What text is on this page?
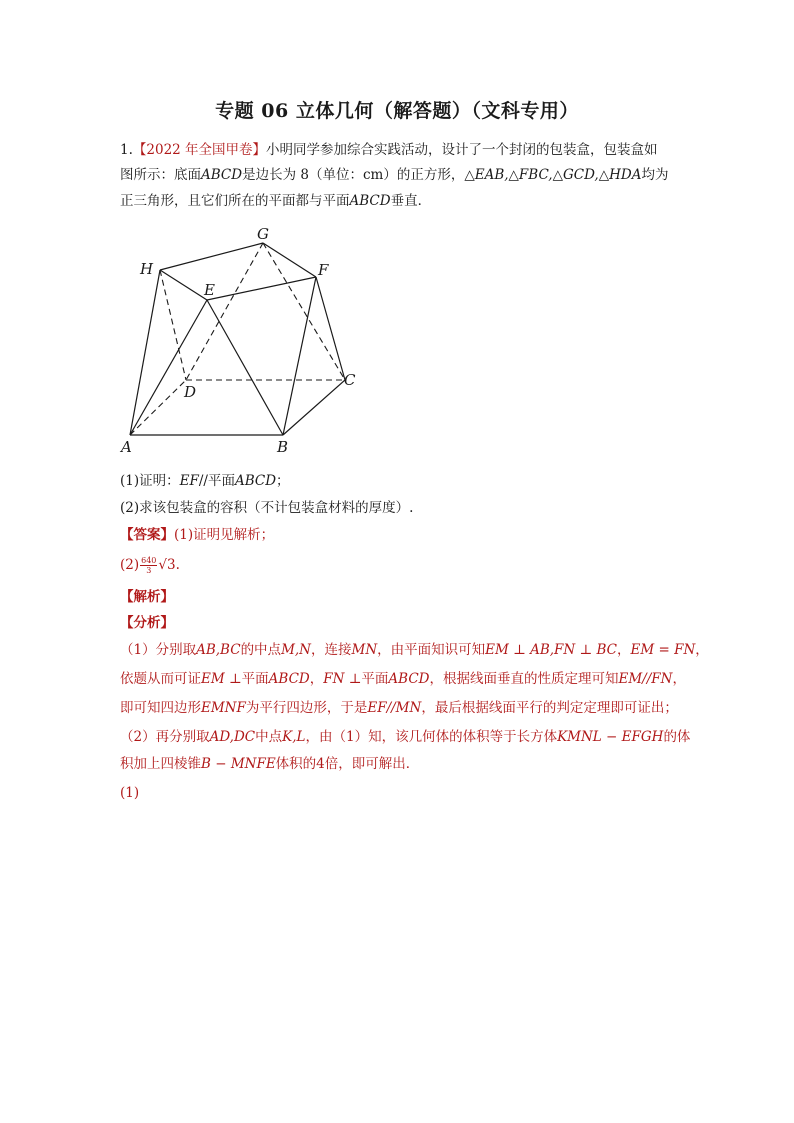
专题 06 立体几何（解答题）（文科专用）
1.【2022 年全国甲卷】小明同学参加综合实践活动，设计了一个封闭的包装盒，包装盒如
图所示：底面ABCD是边长为 8（单位：cm）的正方形，△EAB,△FBC,△GCD,△HDA均为
正三角形，且它们所在的平面都与平面ABCD垂直．
A	B
C
D
E
F
G
H
(1)证明：EF//平面ABCD；
(2)求该包装盒的容积（不计包装盒材料的厚度）.
【答案】(1)证明见解析；
$(2) \frac{640}{3} √3$.
【解析】
【分析】
（1）分别取AB,BC的中点M,N，连接MN，由平面知识可知EM ⊥ AB,FN ⊥ BC，EM = FN，
依题从而可证EM ⊥平面ABCD，FN ⊥平面ABCD，根据线面垂直的性质定理可知EM//FN，
即可知四边形EMNF为平行四边形，于是EF//MN，最后根据线面平行的判定定理即可证出；
（2）再分别取AD,DC中点K,L，由（1）知，该几何体的体积等于长方体KMNL − EFGH的体
积加上四棱锥B − MNFE体积的4倍，即可解出．
(1)
